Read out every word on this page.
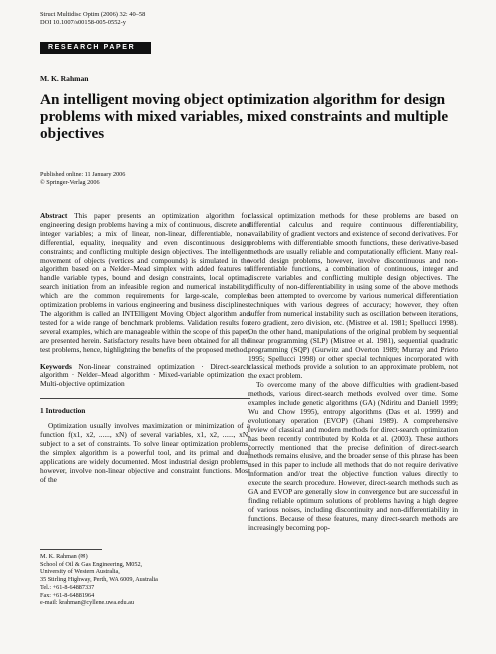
Struct Multidisc Optim (2006) 32: 40–58
DOI 10.1007/s00158-005-0552-y
RESEARCH PAPER
M. K. Rahman
An intelligent moving object optimization algorithm for design problems with mixed variables, mixed constraints and multiple objectives
Published online: 11 January 2006
© Springer-Verlag 2006

Abstract This paper presents an optimization algorithm for engineering design problems having a mix of continuous, discrete and integer variables; a mix of linear, non-linear, differentiable, non-differential, equality, inequality and even discontinuous design constraints; and conflicting multiple design objectives. The intelligent movement of objects (vertices and compounds) is simulated in the algorithm based on a Nelder–Mead simplex with added features to handle variable types, bound and design constraints, local optima, search initiation from an infeasible region and numerical instability, which are the common requirements for large-scale, complex optimization problems in various engineering and business disciplines. The algorithm is called an INTElligent Moving Object algorithm and tested for a wide range of benchmark problems. Validation results for several examples, which are manageable within the scope of this paper, are presented herein. Satisfactory results have been obtained for all the test problems, hence, highlighting the benefits of the proposed method.

Keywords Non-linear constrained optimization · Direct-search algorithm · Nelder–Mead algorithm · Mixed-variable optimization · Multi-objective optimization

1 Introduction

Optimization usually involves maximization or minimization of a function f(x1, x2, ......, xN) of several variables, x1, x2, ......, xN, subject to a set of constraints. To solve linear optimization problems, the simplex algorithm is a powerful tool, and its primal and dual applications are widely documented. Most industrial design problems, however, involve non-linear objective and constraint functions. Most of the

M. K. Rahman (✉)
School of Oil & Gas Engineering, M052,
University of Western Australia,
35 Stirling Highway, Perth, WA 6009, Australia
Tel.: +61-8-64887337
Fax: +61-8-64881964
e-mail: krahman@cyllene.uwa.edu.au

classical optimization methods for these problems are based on differential calculus and require continuous differentiability, availability of gradient vectors and existence of second derivatives. For problems with differentiable smooth functions, these derivative-based methods are usually reliable and computationally efficient. Many real-world design problems, however, involve discontinuous and non-differentiable functions, a combination of continuous, integer and discrete variables and conflicting multiple design objectives. The difficulty of non-differentiability in using some of the above methods has been attempted to overcome by various numerical differentiation techniques with various degrees of accuracy; however, they often suffer from numerical instability such as oscillation between iterations, zero gradient, zero division, etc. (Mistree et al. 1981; Spellucci 1998). On the other hand, manipulations of the original problem by sequential linear programming (SLP) (Mistree et al. 1981), sequential quadratic programming (SQP) (Gurwitz and Overton 1989; Murray and Prieto 1995; Spellucci 1998) or other special techniques incorporated with classical methods provide a solution to an approximate problem, not the exact problem.

To overcome many of the above difficulties with gradient-based methods, various direct-search methods evolved over time. Some examples include genetic algorithms (GA) (Ndiritu and Daniell 1999; Wu and Chow 1995), entropy algorithms (Das et al. 1999) and evolutionary operation (EVOP) (Ghani 1989). A comprehensive review of classical and modern methods for direct-search optimization has been recently contributed by Kolda et al. (2003). These authors correctly mentioned that the precise definition of direct-search methods remains elusive, and the broader sense of this phrase has been used in this paper to include all methods that do not require derivative information and/or treat the objective function values directly to execute the search procedure. However, direct-search methods such as GA and EVOP are generally slow in convergence but are successful in finding reliable optimum solutions of problems having a high degree of various noises, including discontinuity and non-differentiability in functions. Because of these features, many direct-search methods are increasingly becoming pop-
